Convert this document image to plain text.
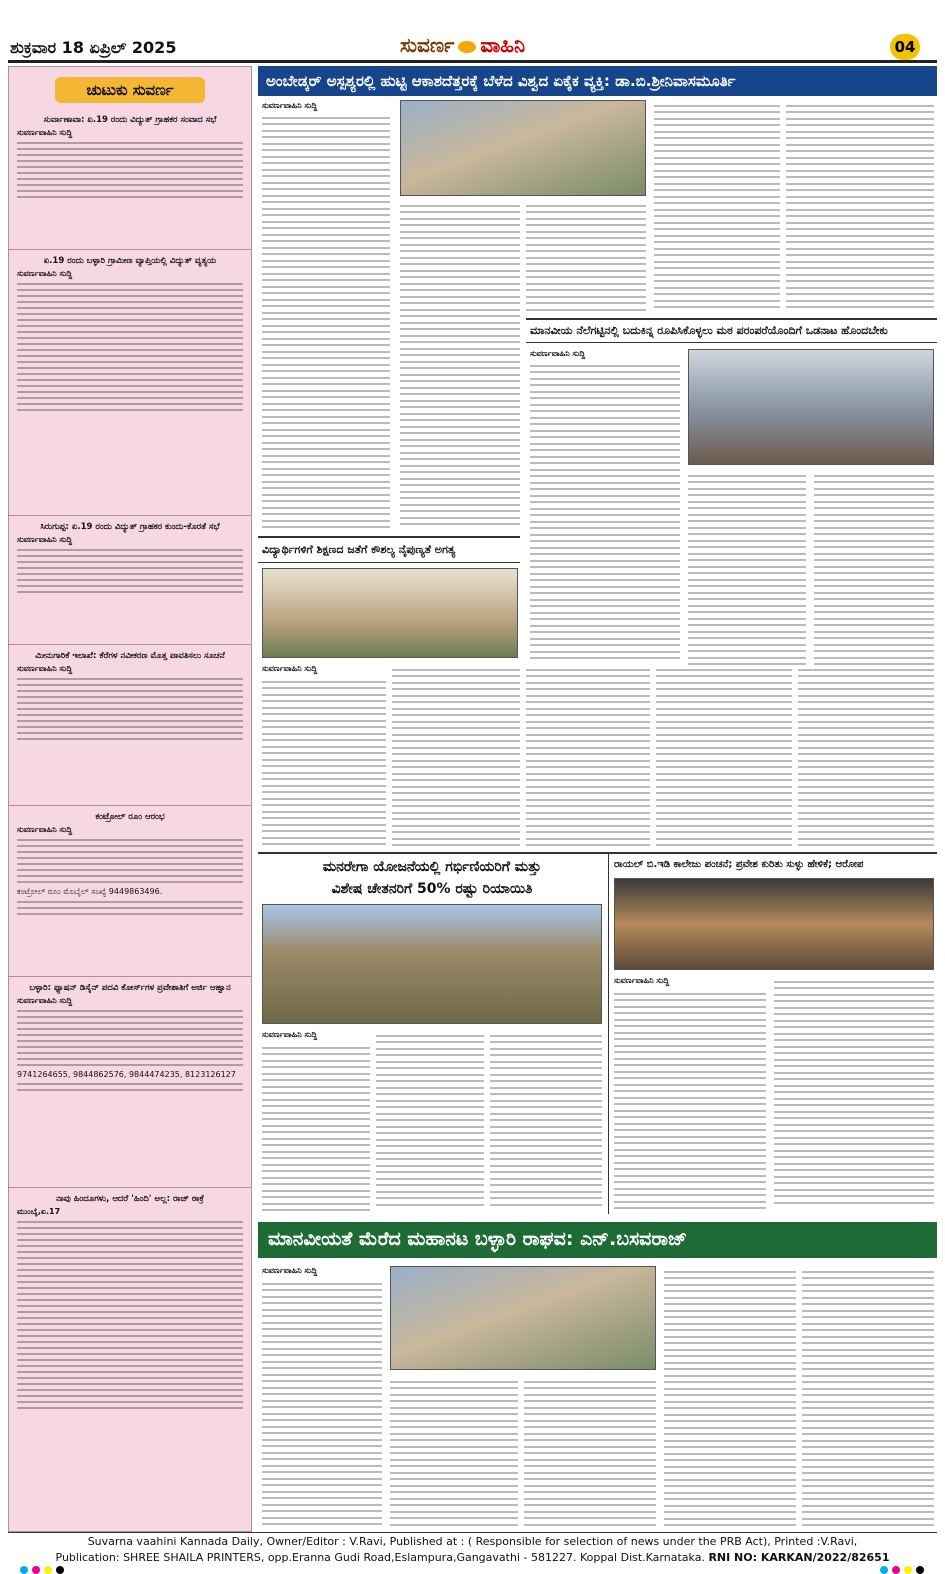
ಶುಕ್ರವಾರ 18 ಏಪ್ರಿಲ್ 2025	ಸುವರ್ಣ ವಾಹಿನಿ	04
ಚುಟುಕು ಸುವರ್ಣ
ಸುರ್ವಾಣಾವಾ: ಏ.19 ರಂದು ವಿದ್ಯುತ್ ಗ್ರಾಹಕರ ಸಂವಾದ ಸಭೆ
ಸುವರ್ಣವಾಹಿನಿ ಸುದ್ದಿ
ಏ.19 ರಂದು ಬಳ್ಳಾರಿ ಗ್ರಾಮೀಣ ವ್ಯಾಪ್ತಿಯಲ್ಲಿ ವಿದ್ಯುತ್ ವ್ಯತ್ಯಯ
ಸುವರ್ಣವಾಹಿನಿ ಸುದ್ದಿ
ಸಿರುಗುಪ್ಪ: ಏ.19 ರಂದು ವಿದ್ಯುತ್ ಗ್ರಾಹಕರ ಕುಂದು-ಕೊರತೆ ಸಭೆ
ಸುವರ್ಣವಾಹಿನಿ ಸುದ್ದಿ
ಮೀನುಗಾರಿಕೆ ಇಲಾಖೆ: ಕೆರೆಗಳ ನವೀಕರಣ ಮೊತ್ತ ಪಾವತಿಸಲು ಸೂಚನೆ
ಸುವರ್ಣವಾಹಿನಿ ಸುದ್ದಿ
ಕಂಟ್ರೋಲ್ ರೂಂ ಆರಂಭ
ಸುವರ್ಣವಾಹಿನಿ ಸುದ್ದಿ
ಕಂಟ್ರೋಲ್ ರೂಂ ಮೊಬೈಲ್ ಸಂಖ್ಯೆ 9449863496.
ಬಳ್ಳಾರಿ: ಫ್ಯಾಷನ್ ಡಿಸೈನ್ ಪದವಿ ಕೋರ್ಸ್‌ಗಳ ಪ್ರವೇಶಾತಿಗೆ ಅರ್ಜಿ ಆಹ್ವಾನ
ಸುವರ್ಣವಾಹಿನಿ ಸುದ್ದಿ
9741264655, 9844862576, 9844474235, 8123126127
ನಾವು ಹಿಂದೂಗಳು, ಆದರೆ 'ಹಿಂದಿ' ಅಲ್ಲ: ರಾಜ್ ಠಾಕ್ರೆ
ಮುಂಬೈ,ಏ.17
ಅಂಬೇಡ್ಕರ್ ಅಸ್ಪಶ್ಯರಲ್ಲಿ ಹುಟ್ಟಿ ಆಕಾಶದೆತ್ತರಕ್ಕೆ ಬೆಳೆದ ವಿಶ್ವದ ಏಕೈಕ ವ್ಯಕ್ತಿ: ಡಾ.ಬಿ.ಶ್ರೀನಿವಾಸಮೂರ್ತಿ
ಸುವರ್ಣವಾಹಿನಿ ಸುದ್ದಿ
ಮಾನವೀಯ ನೆಲೆಗಟ್ಟಿನಲ್ಲಿ ಬದುಕಿನ್ನ ರೂಪಿಸಿಕೊಳ್ಳಲು ಮಠ ಪರಂಪರೆಯೊಂದಿಗೆ ಒಡನಾಟ ಹೊಂದಬೇಕು
ಸುವರ್ಣವಾಹಿನಿ ಸುದ್ದಿ
ವಿದ್ಯಾರ್ಥಿಗಳಿಗೆ ಶಿಕ್ಷಣದ ಜತೆಗೆ ಕೌಶಲ್ಯ ನೈಪುಣ್ಯತೆ ಅಗತ್ಯ
ಸುವರ್ಣವಾಹಿನಿ ಸುದ್ದಿ
ಮನರೇಗಾ ಯೋಜನೆಯಲ್ಲಿ ಗರ್ಭಿಣಿಯರಿಗೆ ಮತ್ತು
ವಿಶೇಷ ಚೇತನರಿಗೆ 50% ರಷ್ಟು ರಿಯಾಯಿತಿ
ಸುವರ್ಣವಾಹಿನಿ ಸುದ್ದಿ
ರಾಯಲ್ ಬಿ.ಇಡಿ ಕಾಲೇಜು ಪಂಚನೆ; ಪ್ರವೇಶ ಕುರಿತು ಸುಳ್ಳು ಹೇಳಿಕೆ; ಆರೋಪ
ಸುವರ್ಣವಾಹಿನಿ ಸುದ್ದಿ
ಮಾನವೀಯತೆ ಮೆರೆದ ಮಹಾನಟ ಬಳ್ಳಾರಿ ರಾಘವ: ಎನ್.ಬಸವರಾಜ್
ಸುವರ್ಣವಾಹಿನಿ ಸುದ್ದಿ
Suvarna vaahini Kannada Daily, Owner/Editor : V.Ravi, Published at : ( Responsible for selection of news under the PRB Act), Printed :V.Ravi,
Publication: SHREE SHAILA PRINTERS, opp.Eranna Gudi Road,Eslampura,Gangavathi - 581227. Koppal Dist.Karnataka. RNI NO: KARKAN/2022/82651
